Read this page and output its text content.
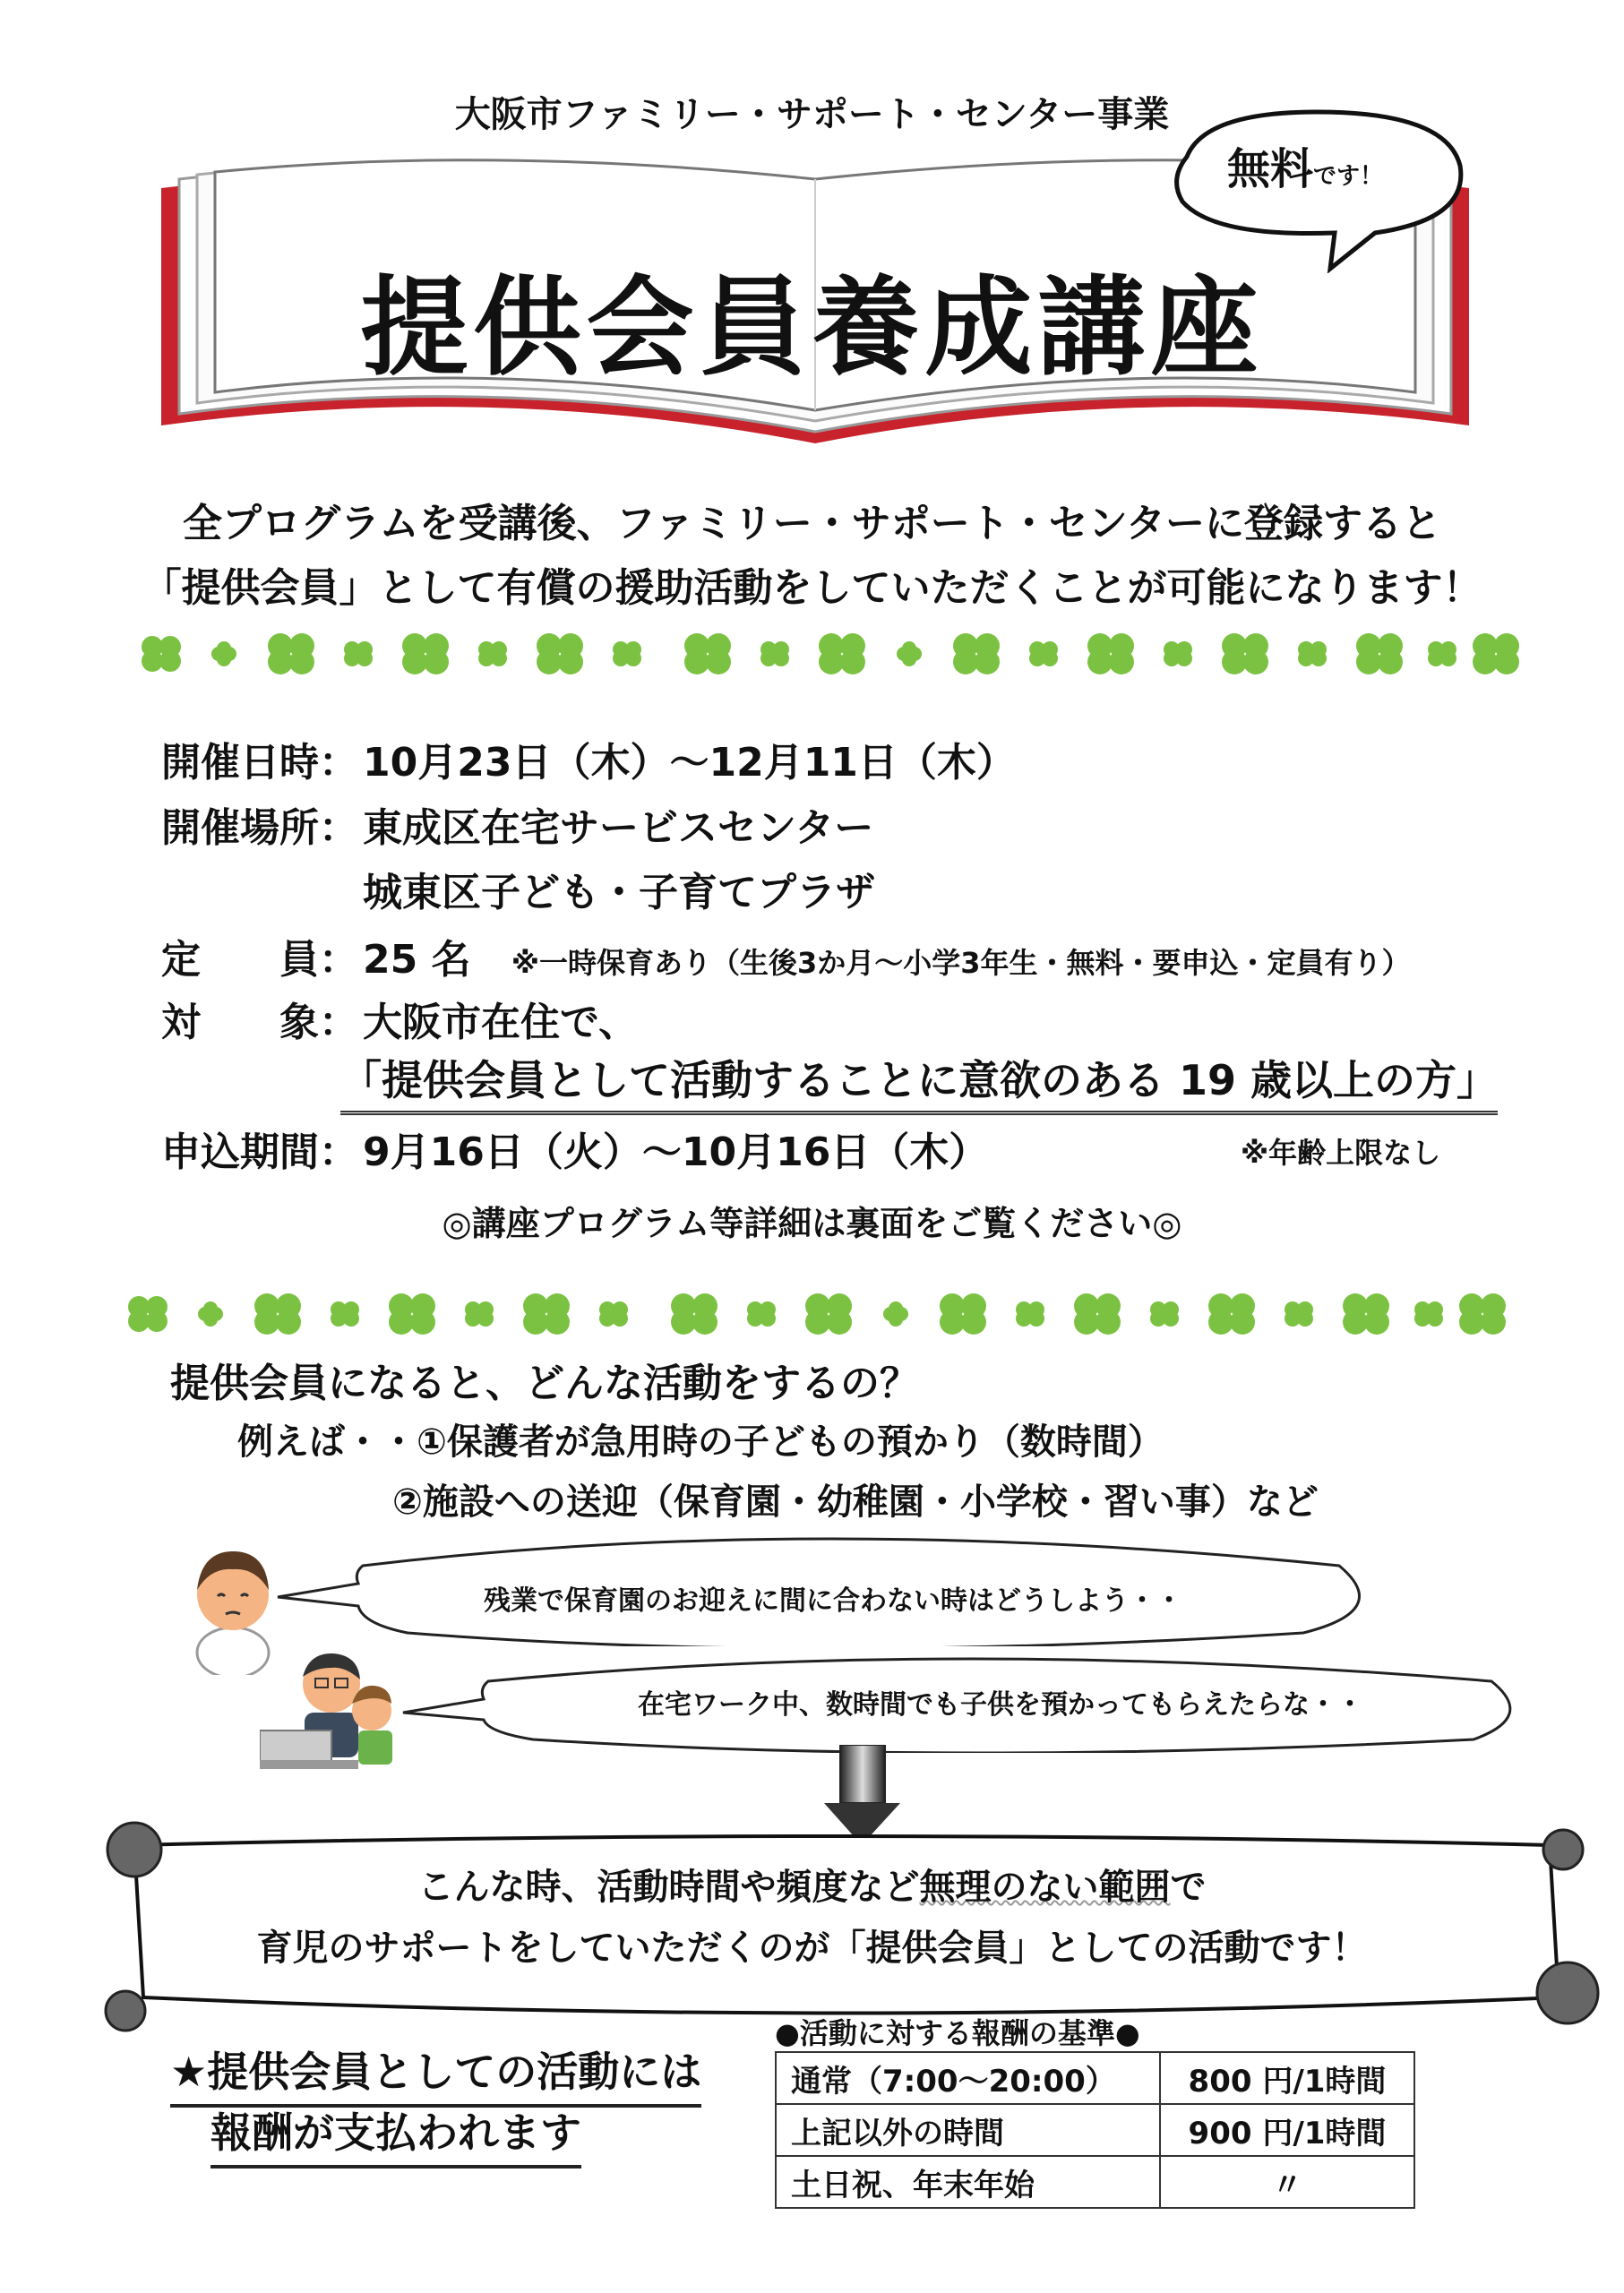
大阪市ファミリー・サポート・センター事業
提供会員養成講座
無料です！
全プログラムを受講後、ファミリー・サポート・センターに登録すると
「提供会員」として有償の援助活動をしていただくことが可能になります！
開催日時： 10月23日（木）～12月11日（木）
開催場所： 東成区在宅サービスセンター
城東区子ども・子育てプラザ
定　　員： 25 名 ※一時保育あり（生後3か月～小学3年生・無料・要申込・定員有り）
対　　象： 大阪市在住で、
「提供会員として活動することに意欲のある 19 歳以上の方」
申込期間： 9月16日（火）～10月16日（木）	※年齢上限なし
◎講座プログラム等詳細は裏面をご覧ください◎
提供会員になると、どんな活動をするの？
例えば・・①保護者が急用時の子どもの預かり（数時間）
②施設への送迎（保育園・幼稚園・小学校・習い事）など
残業で保育園のお迎えに間に合わない時はどうしよう・・
在宅ワーク中、数時間でも子供を預かってもらえたらな・・
こんな時、活動時間や頻度など無理のない範囲で
育児のサポートをしていただくのが「提供会員」としての活動です！
★提供会員としての活動には
報酬が支払われます
●活動に対する報酬の基準●
通常（7:00～20:00）	800 円/1時間
上記以外の時間	900 円/1時間
土日祝、年末年始	〃
